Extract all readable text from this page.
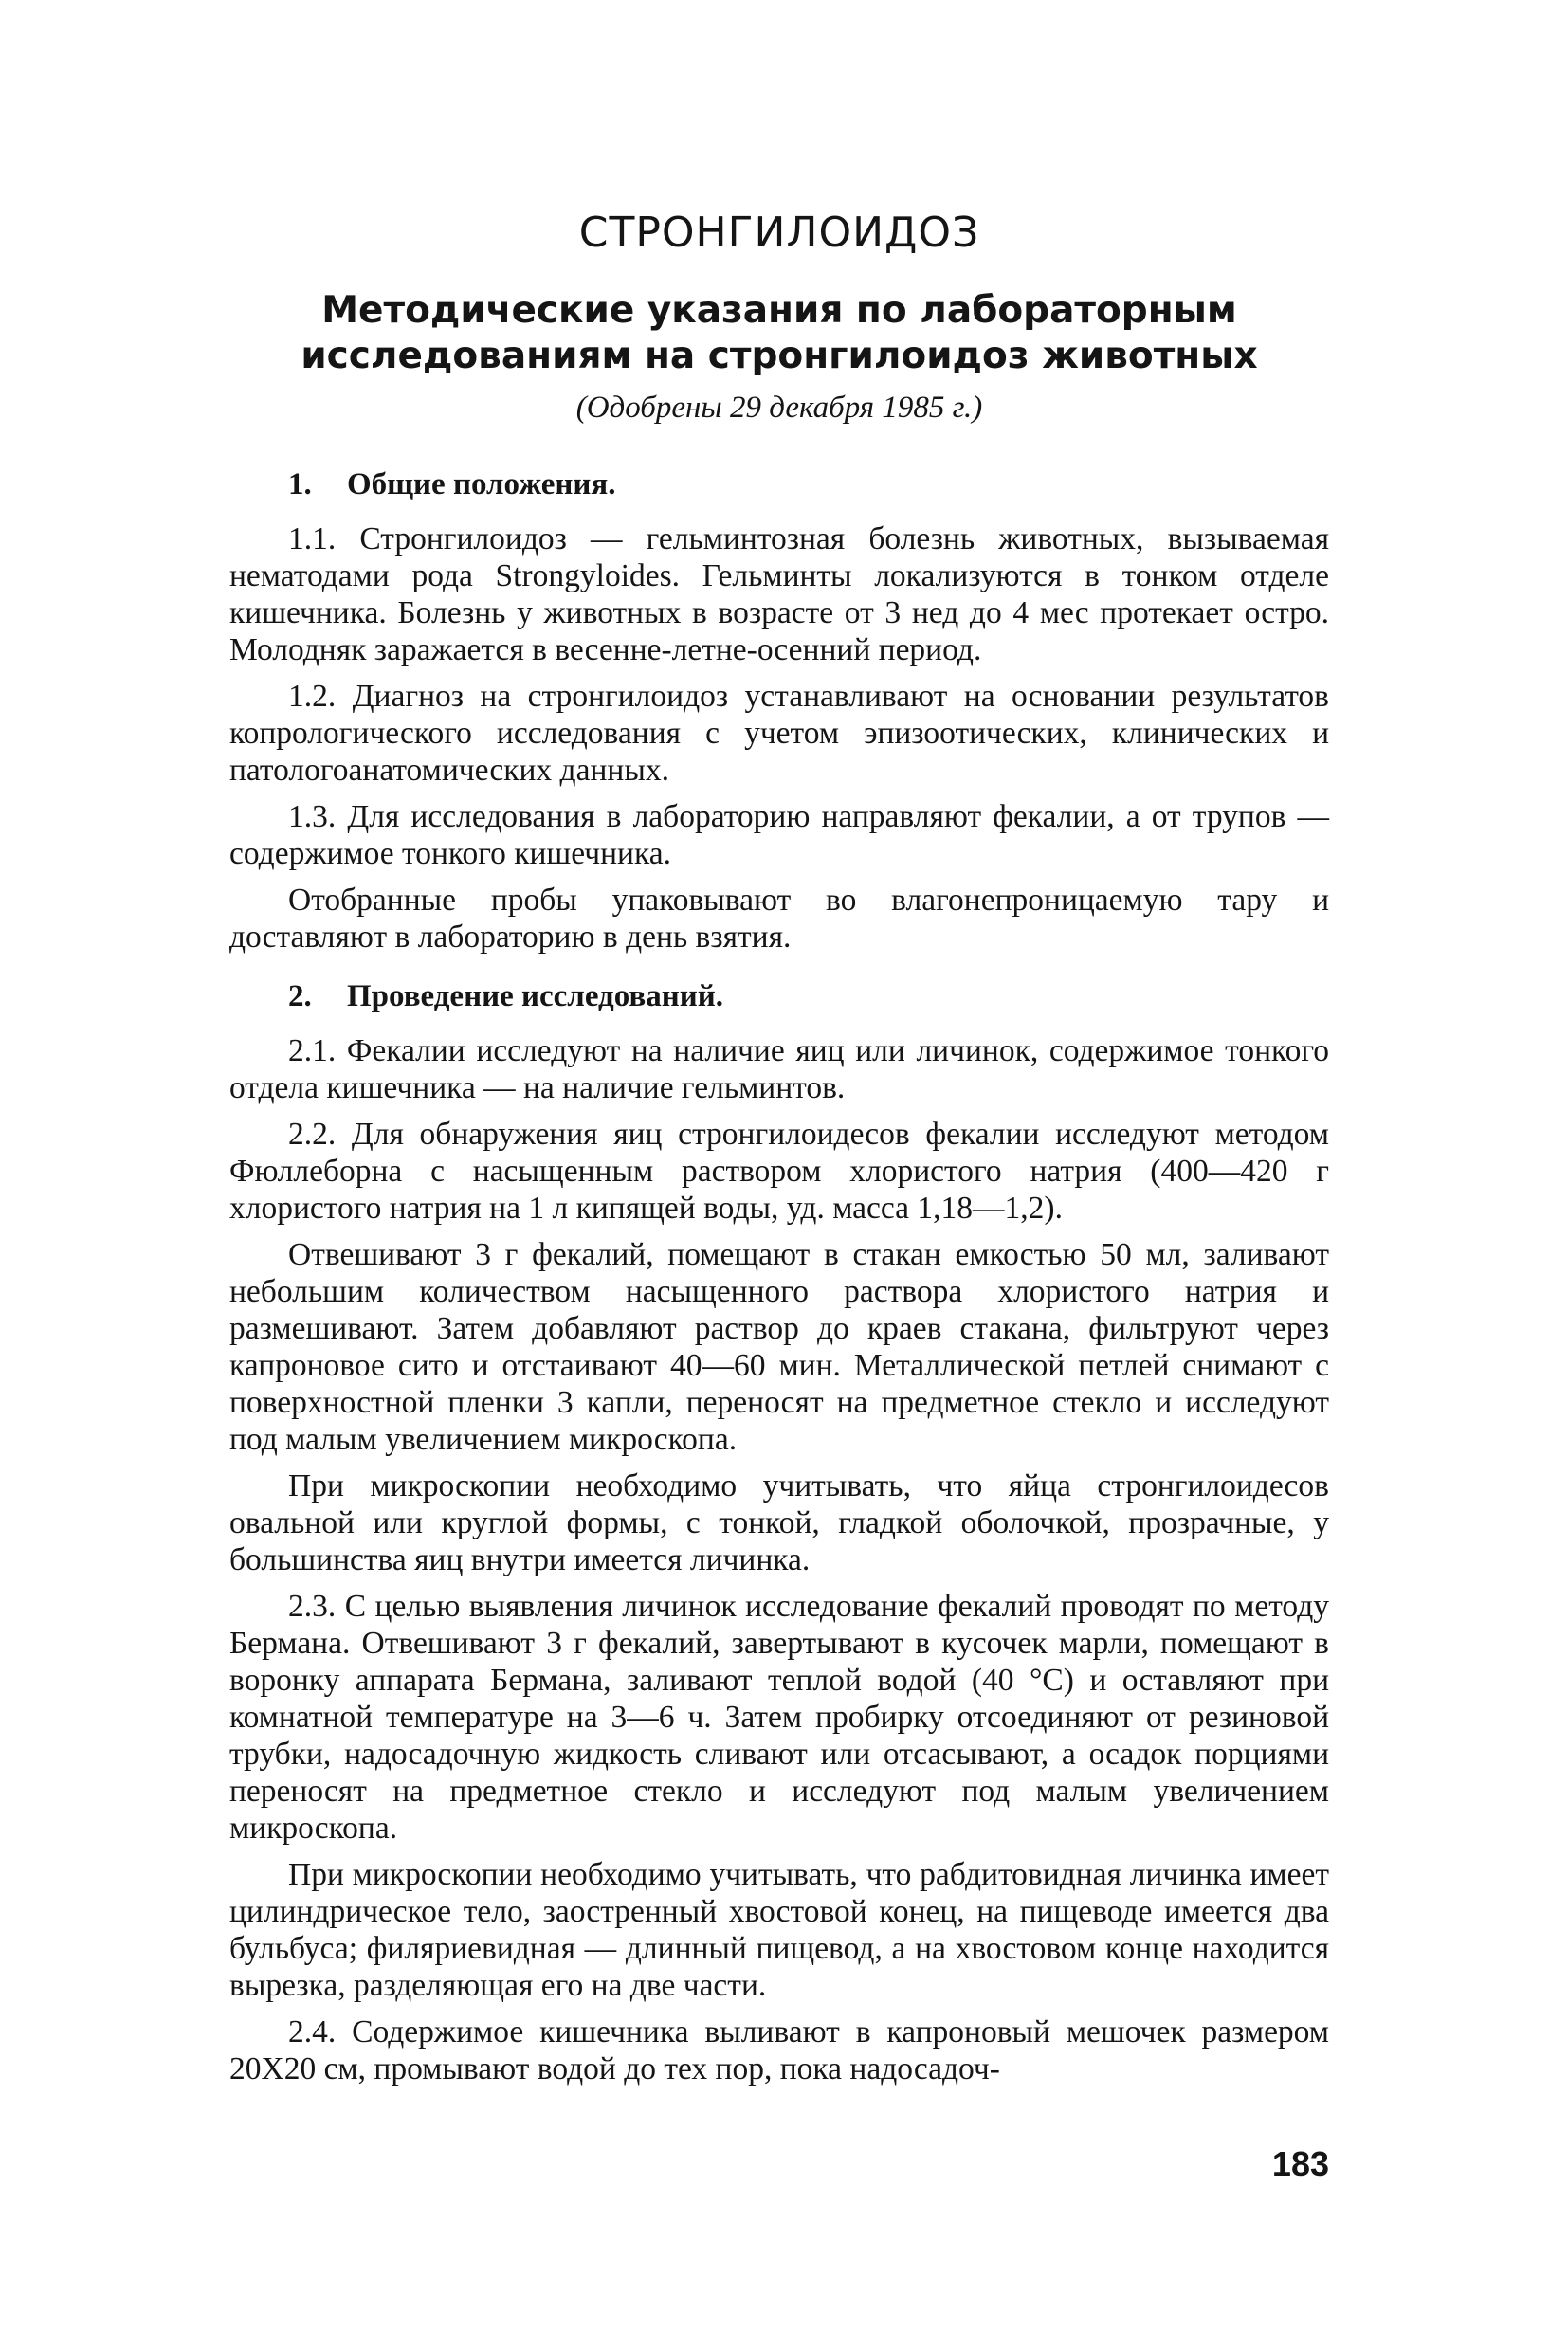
СТРОНГИЛОИДОЗ
Методические указания по лабораторным
исследованиям на стронгилоидоз животных

(Одобрены 29 декабря 1985 г.)

1. Общие положения.

1.1. Стронгилоидоз — гельминтозная болезнь животных, вызываемая нематодами рода Strongyloides. Гельминты локализуются в тонком отделе кишечника. Болезнь у животных в возрасте от 3 нед до 4 мес протекает остро. Молодняк заражается в весенне-летне-осенний период.

1.2. Диагноз на стронгилоидоз устанавливают на основании результатов копрологического исследования с учетом эпизоотических, клинических и патологоанатомических данных.

1.3. Для исследования в лабораторию направляют фекалии, а от трупов — содержимое тонкого кишечника.

Отобранные пробы упаковывают во влагонепроницаемую тару и доставляют в лабораторию в день взятия.

2. Проведение исследований.

2.1. Фекалии исследуют на наличие яиц или личинок, содержимое тонкого отдела кишечника — на наличие гельминтов.

2.2. Для обнаружения яиц стронгилоидесов фекалии исследуют методом Фюллеборна с насыщенным раствором хлористого натрия (400—420 г хлористого натрия на 1 л кипящей воды, уд. масса 1,18—1,2).

Отвешивают 3 г фекалий, помещают в стакан емкостью 50 мл, заливают небольшим количеством насыщенного раствора хлористого натрия и размешивают. Затем добавляют раствор до краев стакана, фильтруют через капроновое сито и отстаивают 40—60 мин. Металлической петлей снимают с поверхностной пленки 3 капли, переносят на предметное стекло и исследуют под малым увеличением микроскопа.

При микроскопии необходимо учитывать, что яйца стронгилоидесов овальной или круглой формы, с тонкой, гладкой оболочкой, прозрачные, у большинства яиц внутри имеется личинка.

2.3. С целью выявления личинок исследование фекалий проводят по методу Бермана. Отвешивают 3 г фекалий, завертывают в кусочек марли, помещают в воронку аппарата Бермана, заливают теплой водой (40 °С) и оставляют при комнатной температуре на 3—6 ч. Затем пробирку отсоединяют от резиновой трубки, надосадочную жидкость сливают или отсасывают, а осадок порциями переносят на предметное стекло и исследуют под малым увеличением микроскопа.

При микроскопии необходимо учитывать, что рабдитовидная личинка имеет цилиндрическое тело, заостренный хвостовой конец, на пищеводе имеется два бульбуса; филяриевидная — длинный пищевод, а на хвостовом конце находится вырезка, разделяющая его на две части.

2.4. Содержимое кишечника выливают в капроновый мешочек размером 20Х20 см, промывают водой до тех пор, пока надосадоч-

183
